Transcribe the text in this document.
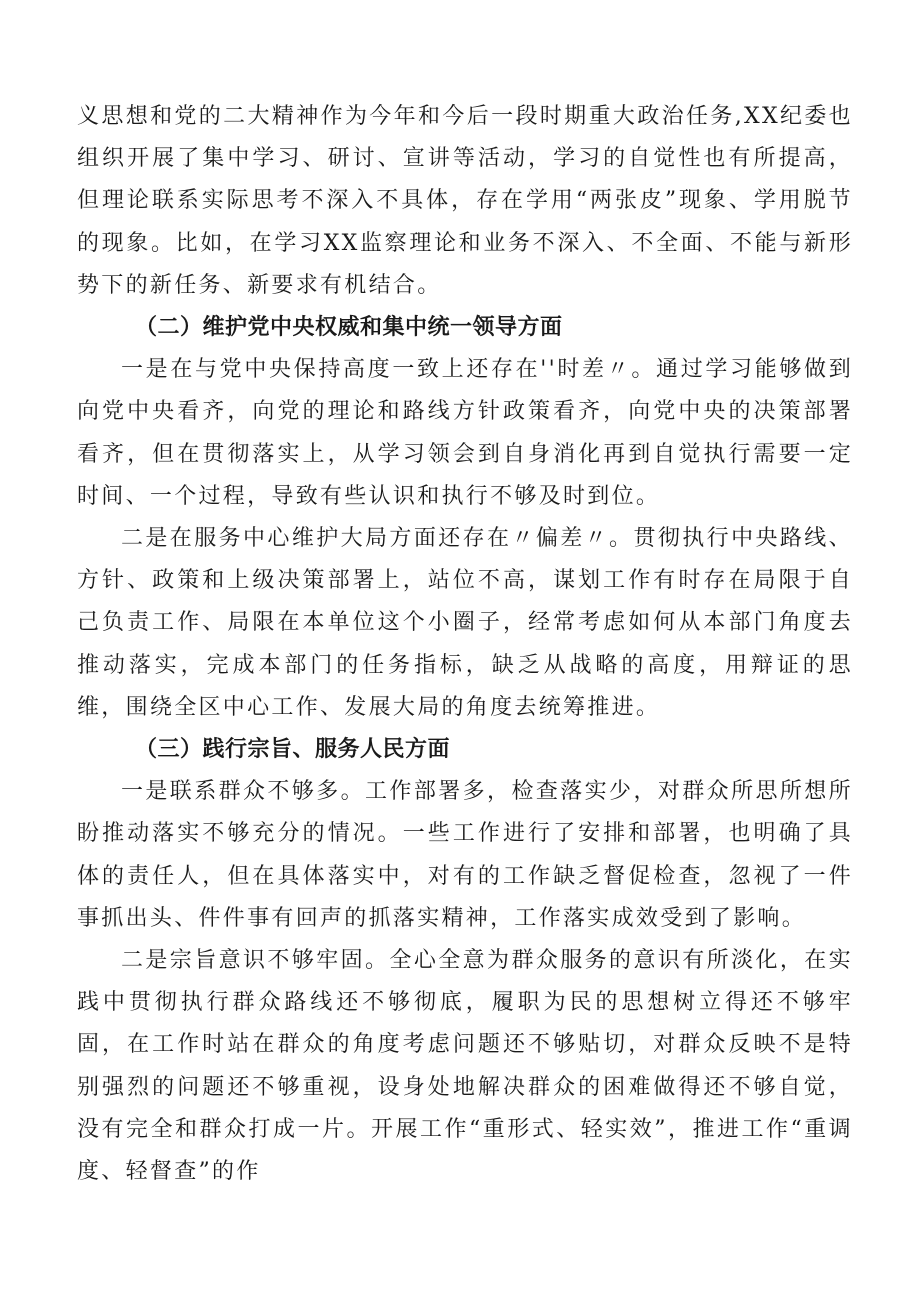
义思想和党的二大精神作为今年和今后一段时期重大政治任务,XX纪委也组织开展了集中学习、研讨、宣讲等活动，学习的自觉性也有所提高，但理论联系实际思考不深入不具体，存在学用“两张皮”现象、学用脱节的现象。比如，在学习XX监察理论和业务不深入、不全面、不能与新形势下的新任务、新要求有机结合。

（二）维护党中央权威和集中统一领导方面

一是在与党中央保持高度一致上还存在''时差〃。通过学习能够做到向党中央看齐，向党的理论和路线方针政策看齐，向党中央的决策部署看齐，但在贯彻落实上，从学习领会到自身消化再到自觉执行需要一定时间、一个过程，导致有些认识和执行不够及时到位。

二是在服务中心维护大局方面还存在〃偏差〃。贯彻执行中央路线、方针、政策和上级决策部署上，站位不高，谋划工作有时存在局限于自己负责工作、局限在本单位这个小圈子，经常考虑如何从本部门角度去推动落实，完成本部门的任务指标，缺乏从战略的高度，用辩证的思维，围绕全区中心工作、发展大局的角度去统筹推进。

（三）践行宗旨、服务人民方面

一是联系群众不够多。工作部署多，检查落实少，对群众所思所想所盼推动落实不够充分的情况。一些工作进行了安排和部署，也明确了具体的责任人，但在具体落实中，对有的工作缺乏督促检查，忽视了一件事抓出头、件件事有回声的抓落实精神，工作落实成效受到了影响。

二是宗旨意识不够牢固。全心全意为群众服务的意识有所淡化，在实践中贯彻执行群众路线还不够彻底，履职为民的思想树立得还不够牢固，在工作时站在群众的角度考虑问题还不够贴切，对群众反映不是特别强烈的问题还不够重视，设身处地解决群众的困难做得还不够自觉，没有完全和群众打成一片。开展工作“重形式、轻实效”，推进工作“重调度、轻督查”的作
